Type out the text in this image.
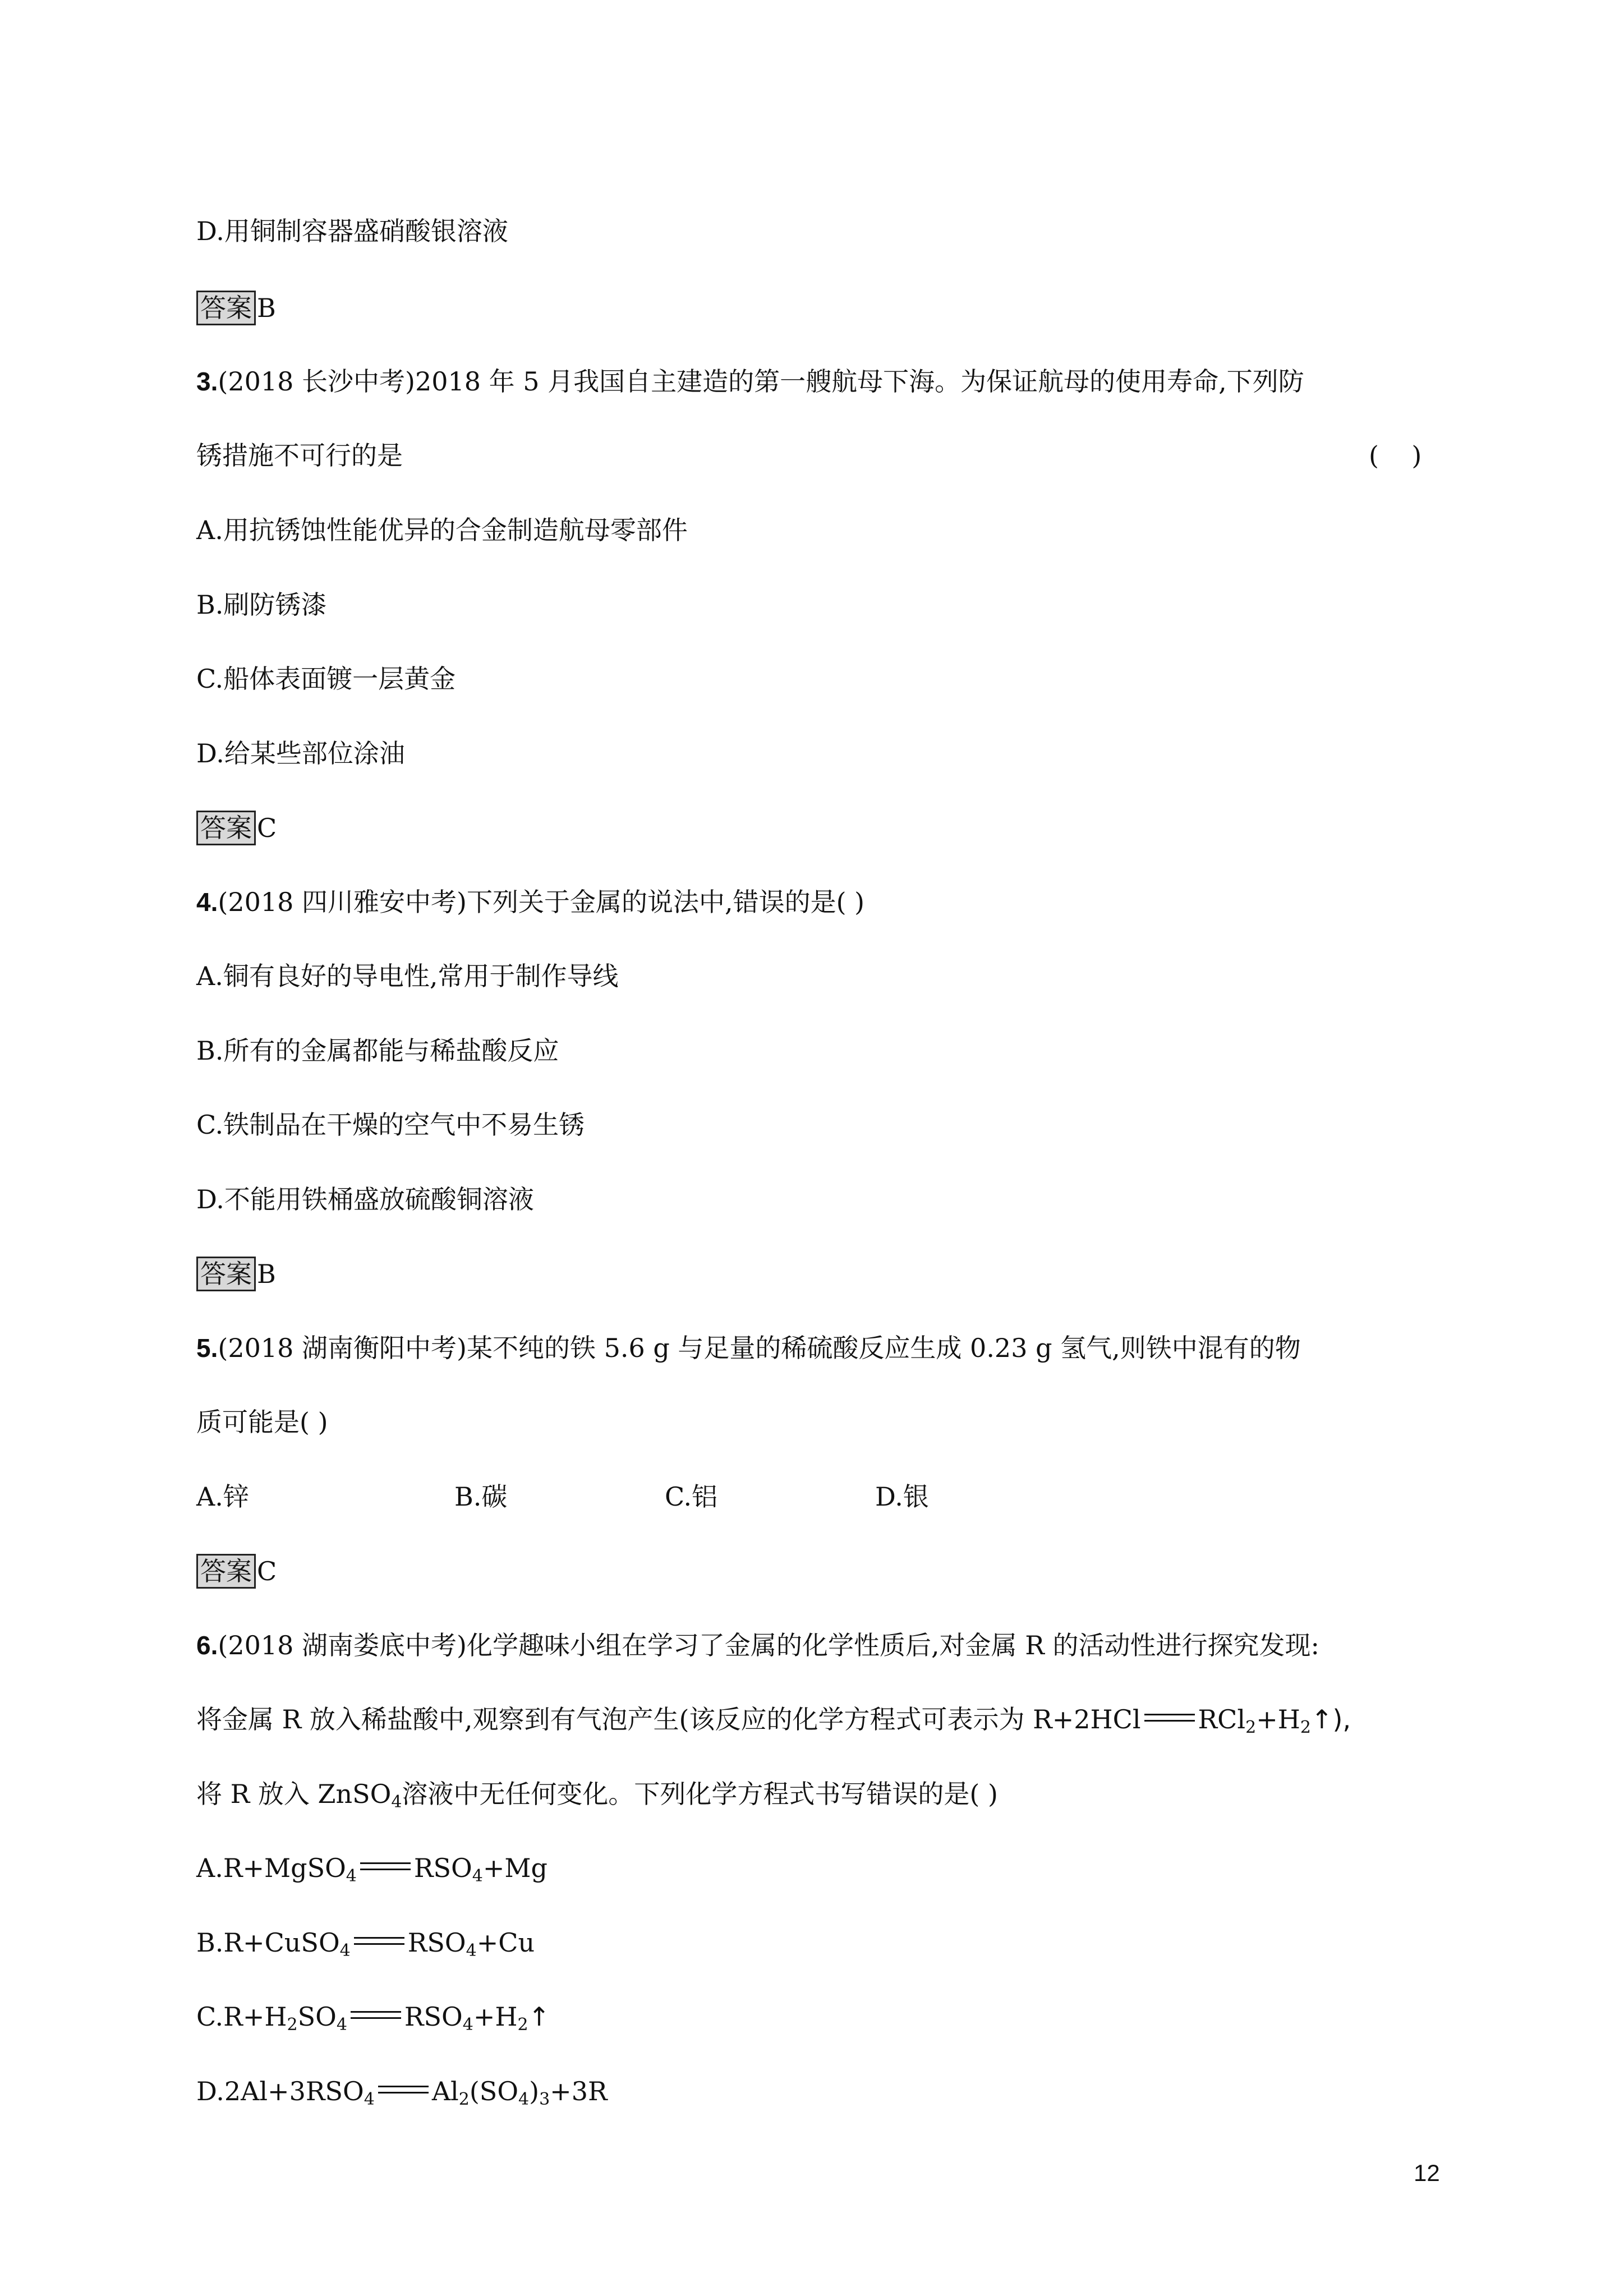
D.用铜制容器盛硝酸银溶液
答案 B
3.(2018 长沙中考)2018 年 5 月我国自主建造的第一艘航母下海。为保证航母的使用寿命,下列防
锈措施不可行的是	(    )
A.用抗锈蚀性能优异的合金制造航母零部件
B.刷防锈漆
C.船体表面镀一层黄金
D.给某些部位涂油
答案 C
4.(2018 四川雅安中考)下列关于金属的说法中,错误的是( )
A.铜有良好的导电性,常用于制作导线
B.所有的金属都能与稀盐酸反应
C.铁制品在干燥的空气中不易生锈
D.不能用铁桶盛放硫酸铜溶液
答案 B
5.(2018 湖南衡阳中考)某不纯的铁 5.6 g 与足量的稀硫酸反应生成 0.23 g 氢气,则铁中混有的物
质可能是( )
A.锌	B.碳	C.铝	D.银
答案 C
6.(2018 湖南娄底中考)化学趣味小组在学习了金属的化学性质后,对金属 R 的活动性进行探究发现:
将金属 R 放入稀盐酸中,观察到有气泡产生(该反应的化学方程式可表示为 R+2HCl $RCl_2+H_2↑$),
将 R 放入 ZnSO$_4$溶液中无任何变化。下列化学方程式书写错误的是( )
A.R+MgSO$_4$ $RSO_4+Mg$
B.R+CuSO$_4$ $RSO_4+Cu$
$C.R+H_2SO_4$ $RSO_4+H_2↑$
$D.2Al+3RSO_4$ $Al_2(SO_4)_3+3R$
12
